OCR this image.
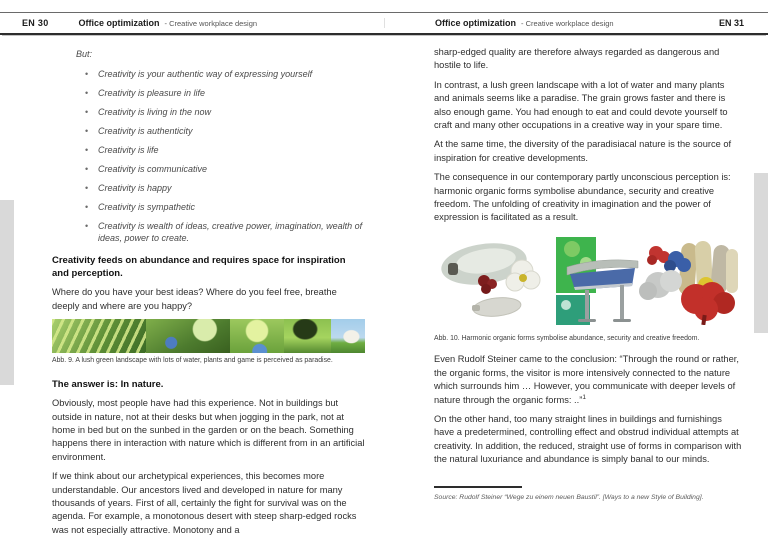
EN 30	Office optimization - Creative workplace design	Office optimization - Creative workplace design	EN 31
But:
•	Creativity is your authentic way of expressing yourself
•	Creativity is pleasure in life
•	Creativity is living in the now
•	Creativity is authenticity
•	Creativity is life
•	Creativity is communicative
•	Creativity is happy
•	Creativity is sympathetic
•	Creativity is wealth of ideas, creative power, imagination, wealth of ideas, power to create.
Creativity feeds on abundance and requires space for inspiration and perception.

Where do you have your best ideas? Where do you feel free, breathe deeply and where are you happy?

Abb. 9. A lush green landscape with lots of water, plants and game is perceived as paradise.

The answer is: In nature.

Obviously, most people have had this experience. Not in buildings but outside in nature, not at their desks but when jogging in the park, not at home in bed but on the sunbed in the garden or on the beach. Something happens there in interaction with nature which is different from in an artificial environment.

If we think about our archetypical experiences, this becomes more understandable. Our ancestors lived and developed in nature for many thousands of years. First of all, certainly the fight for survival was on the agenda. For example, a monotonous desert with steep sharp-edged rocks was not especially attractive. Monotony and a

sharp-edged quality are therefore always regarded as dangerous and hostile to life.

In contrast, a lush green landscape with a lot of water and many plants and animals seems like a paradise. The grain grows faster and there is also enough game. You had enough to eat and could devote yourself to craft and many other occupations in a creative way in your spare time.

At the same time, the diversity of the paradisiacal nature is the source of inspiration for creative developments.

The consequence in our contemporary partly unconscious perception is: harmonic organic forms symbolise abundance, security and creative freedom. The unfolding of creativity in imagination and the power of expression is facilitated as a result.

Abb. 10. Harmonic organic forms symbolise abundance, security and creative freedom.

Even Rudolf Steiner came to the conclusion: “Through the round or rather, the organic forms, the visitor is more intensively connected to the nature which surrounds him … However, you communicate with deeper levels of nature through the organic forms: ..”$^1$

On the other hand, too many straight lines in buildings and furnishings have a predetermined, controlling effect and obstrud individual attempts at creativity. In addition, the reduced, straight use of forms in comparison with the natural luxuriance and abundance is simply banal to our minds.

Source: Rudolf Steiner “Wege zu einem neuen Baustil”. [Ways to a new Style of Building].
